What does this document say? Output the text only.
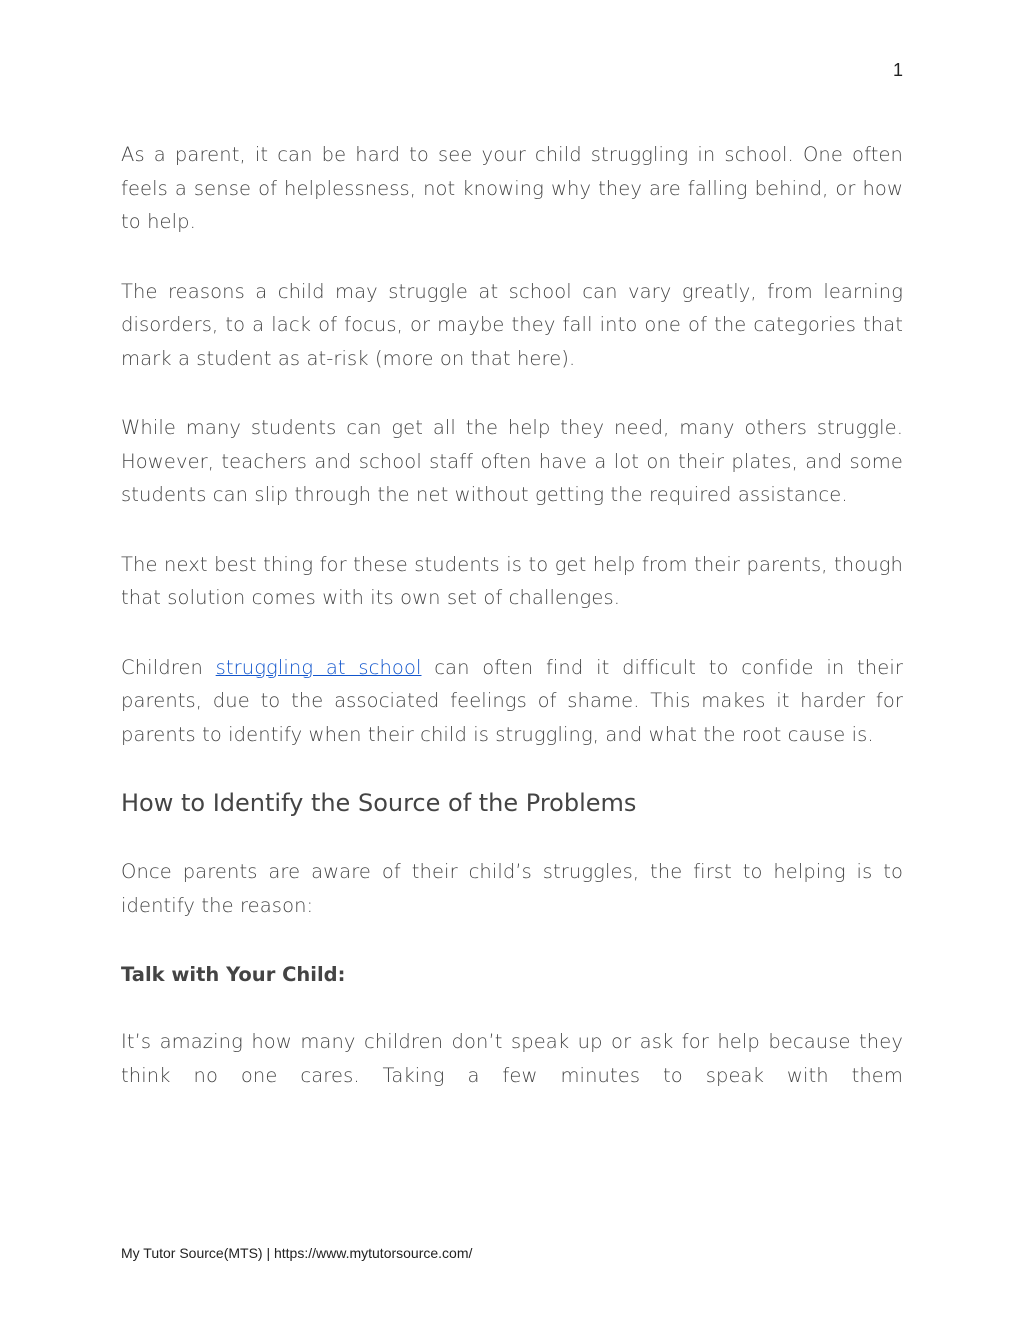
1

As a parent, it can be hard to see your child struggling in school. One often feels a sense of helplessness, not knowing why they are falling behind, or how to help.

The reasons a child may struggle at school can vary greatly, from learning disorders, to a lack of focus, or maybe they fall into one of the categories that mark a student as at-risk (more on that here).

While many students can get all the help they need, many others struggle. However, teachers and school staff often have a lot on their plates, and some students can slip through the net without getting the required assistance.

The next best thing for these students is to get help from their parents, though that solution comes with its own set of challenges.

Children struggling at school can often find it difficult to confide in their parents, due to the associated feelings of shame. This makes it harder for parents to identify when their child is struggling, and what the root cause is.

How to Identify the Source of the Problems

Once parents are aware of their child’s struggles, the first to helping is to identify the reason:

Talk with Your Child:

It’s amazing how many children don’t speak up or ask for help because they think no one cares. Taking a few minutes to speak with them

My Tutor Source(MTS) | https://www.mytutorsource.com/
